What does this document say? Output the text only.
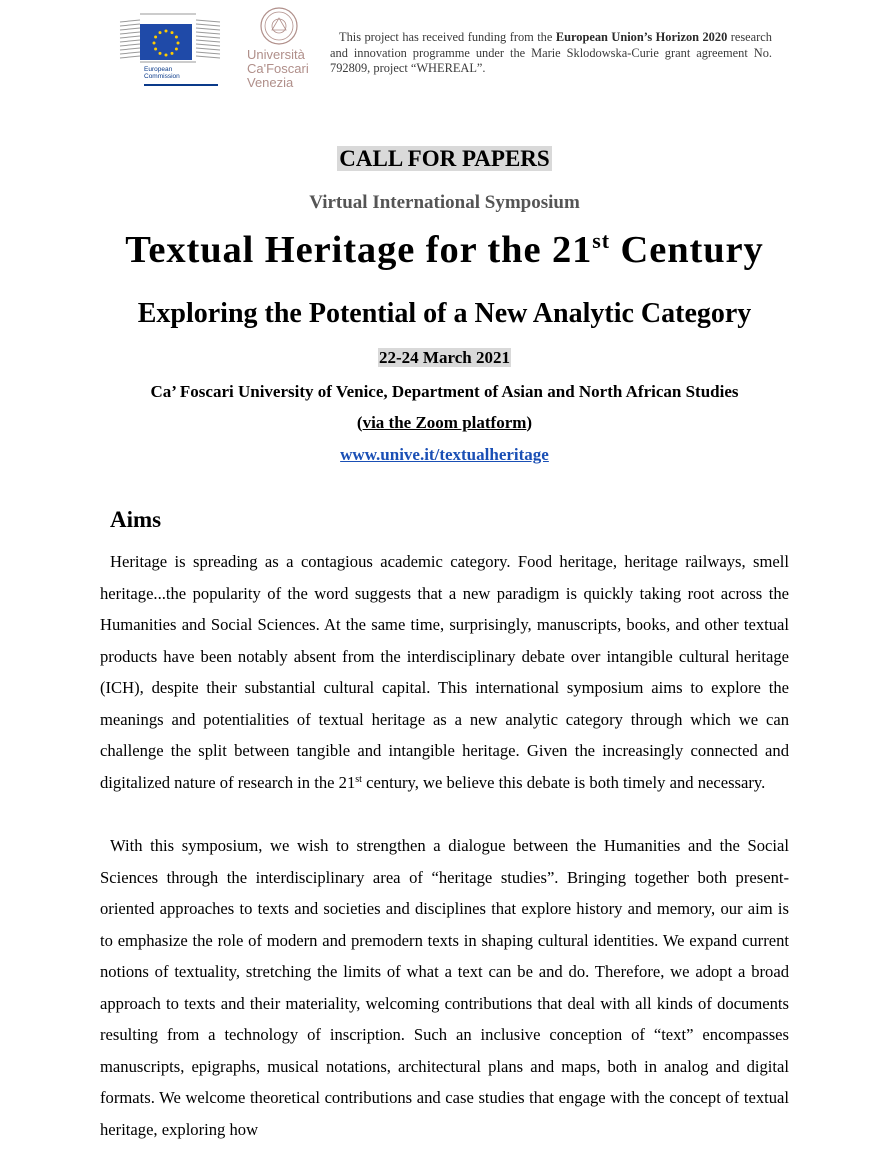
European
Commission
Università
Ca'Foscari
Venezia
This project has received funding from the European Union’s Horizon 2020 research and innovation programme under the Marie Sklodowska-Curie grant agreement No. 792809, project “WHEREAL”.
CALL FOR PAPERS
Virtual International Symposium
Textual Heritage for the 21st Century
Exploring the Potential of a New Analytic Category
22-24 March 2021
Ca’ Foscari University of Venice, Department of Asian and North African Studies
(via the Zoom platform)
www.unive.it/textualheritage
Aims
Heritage is spreading as a contagious academic category. Food heritage, heritage railways, smell heritage...the popularity of the word suggests that a new paradigm is quickly taking root across the Humanities and Social Sciences. At the same time, surprisingly, manuscripts, books, and other textual products have been notably absent from the interdisciplinary debate over intangible cultural heritage (ICH), despite their substantial cultural capital. This international symposium aims to explore the meanings and potentialities of textual heritage as a new analytic category through which we can challenge the split between tangible and intangible heritage. Given the increasingly connected and digitalized nature of research in the 21st century, we believe this debate is both timely and necessary.
With this symposium, we wish to strengthen a dialogue between the Humanities and the Social Sciences through the interdisciplinary area of “heritage studies”. Bringing together both present-oriented approaches to texts and societies and disciplines that explore history and memory, our aim is to emphasize the role of modern and premodern texts in shaping cultural identities. We expand current notions of textuality, stretching the limits of what a text can be and do. Therefore, we adopt a broad approach to texts and their materiality, welcoming contributions that deal with all kinds of documents resulting from a technology of inscription. Such an inclusive conception of “text” encompasses manuscripts, epigraphs, musical notations, architectural plans and maps, both in analog and digital formats. We welcome theoretical contributions and case studies that engage with the concept of textual heritage, exploring how
